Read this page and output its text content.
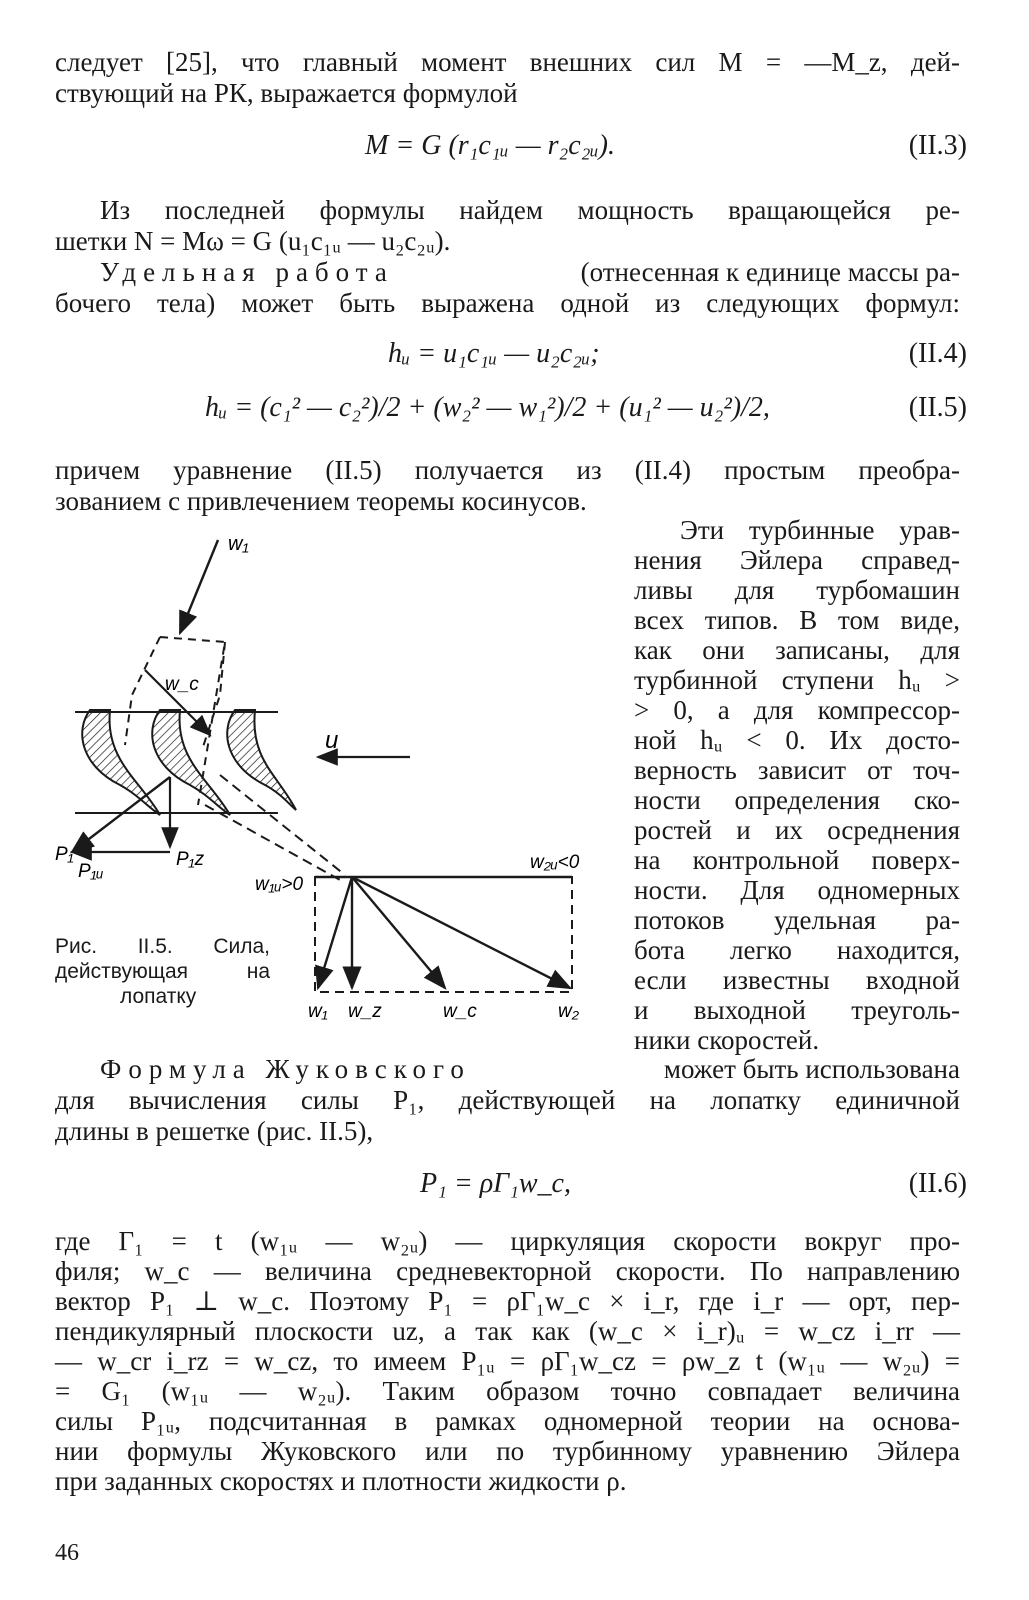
следует [25], что главный момент внешних сил M = —M_z, дей-
ствующий на РК, выражается формулой
M = G (r₁c₁ᵤ — r₂c₂ᵤ).	(II.3)
Из последней формулы найдем мощность вращающейся ре-
шетки N = Mω = G (u₁c₁ᵤ — u₂c₂ᵤ).
Удельная работа	(отнесенная к единице массы ра-
бочего тела) может быть выражена одной из следующих формул:
hᵤ = u₁c₁ᵤ — u₂c₂ᵤ;	(II.4)
hᵤ = (c₁² — c₂²)/2 + (w₂² — w₁²)/2 + (u₁² — u₂²)/2,	(II.5)
причем уравнение (II.5) получается из (II.4) простым преобра-
зованием с привлечением теоремы косинусов.
Эти турбинные урав-
нения Эйлера справед-
ливы для турбомашин
всех типов. В том виде,
как они записаны, для
турбинной ступени hᵤ >
> 0, а для компрессор-
ной hᵤ < 0. Их досто-
верность зависит от точ-
ности определения ско-
ростей и их осреднения
на контрольной поверх-
ности. Для одномерных
потоков удельная ра-
бота легко находится,
если известны входной
и выходной треуголь-
ники скоростей.
w₁
w_c
u
P₁
P₁ᵤ
P₁z
w₁ᵤ>0
w₂ᵤ<0
w₁ w_z	w_c	w₂
Рис. II.5. Сила,
действующая на
лопатку
Формула Жуковского	может быть использована
для вычисления силы P₁, действующей на лопатку единичной
длины в решетке (рис. II.5),
P₁ = ρΓ₁w_c,	(II.6)
где Γ₁ = t (w₁ᵤ — w₂ᵤ) — циркуляция скорости вокруг про-
филя; w_c — величина средневекторной скорости. По направлению
вектор P₁ ⊥ w_c. Поэтому P₁ = ρΓ₁w_c × i_r, где i_r — орт, пер-
пендикулярный плоскости uz, а так как (w_c × i_r)ᵤ = w_cz i_rr —
— w_cr i_rz = w_cz, то имеем P₁ᵤ = ρΓ₁w_cz = ρw_z t (w₁ᵤ — w₂ᵤ) =
= G₁ (w₁ᵤ — w₂ᵤ). Таким образом точно совпадает величина
силы P₁ᵤ, подсчитанная в рамках одномерной теории на основа-
нии формулы Жуковского или по турбинному уравнению Эйлера
при заданных скоростях и плотности жидкости ρ.
46
